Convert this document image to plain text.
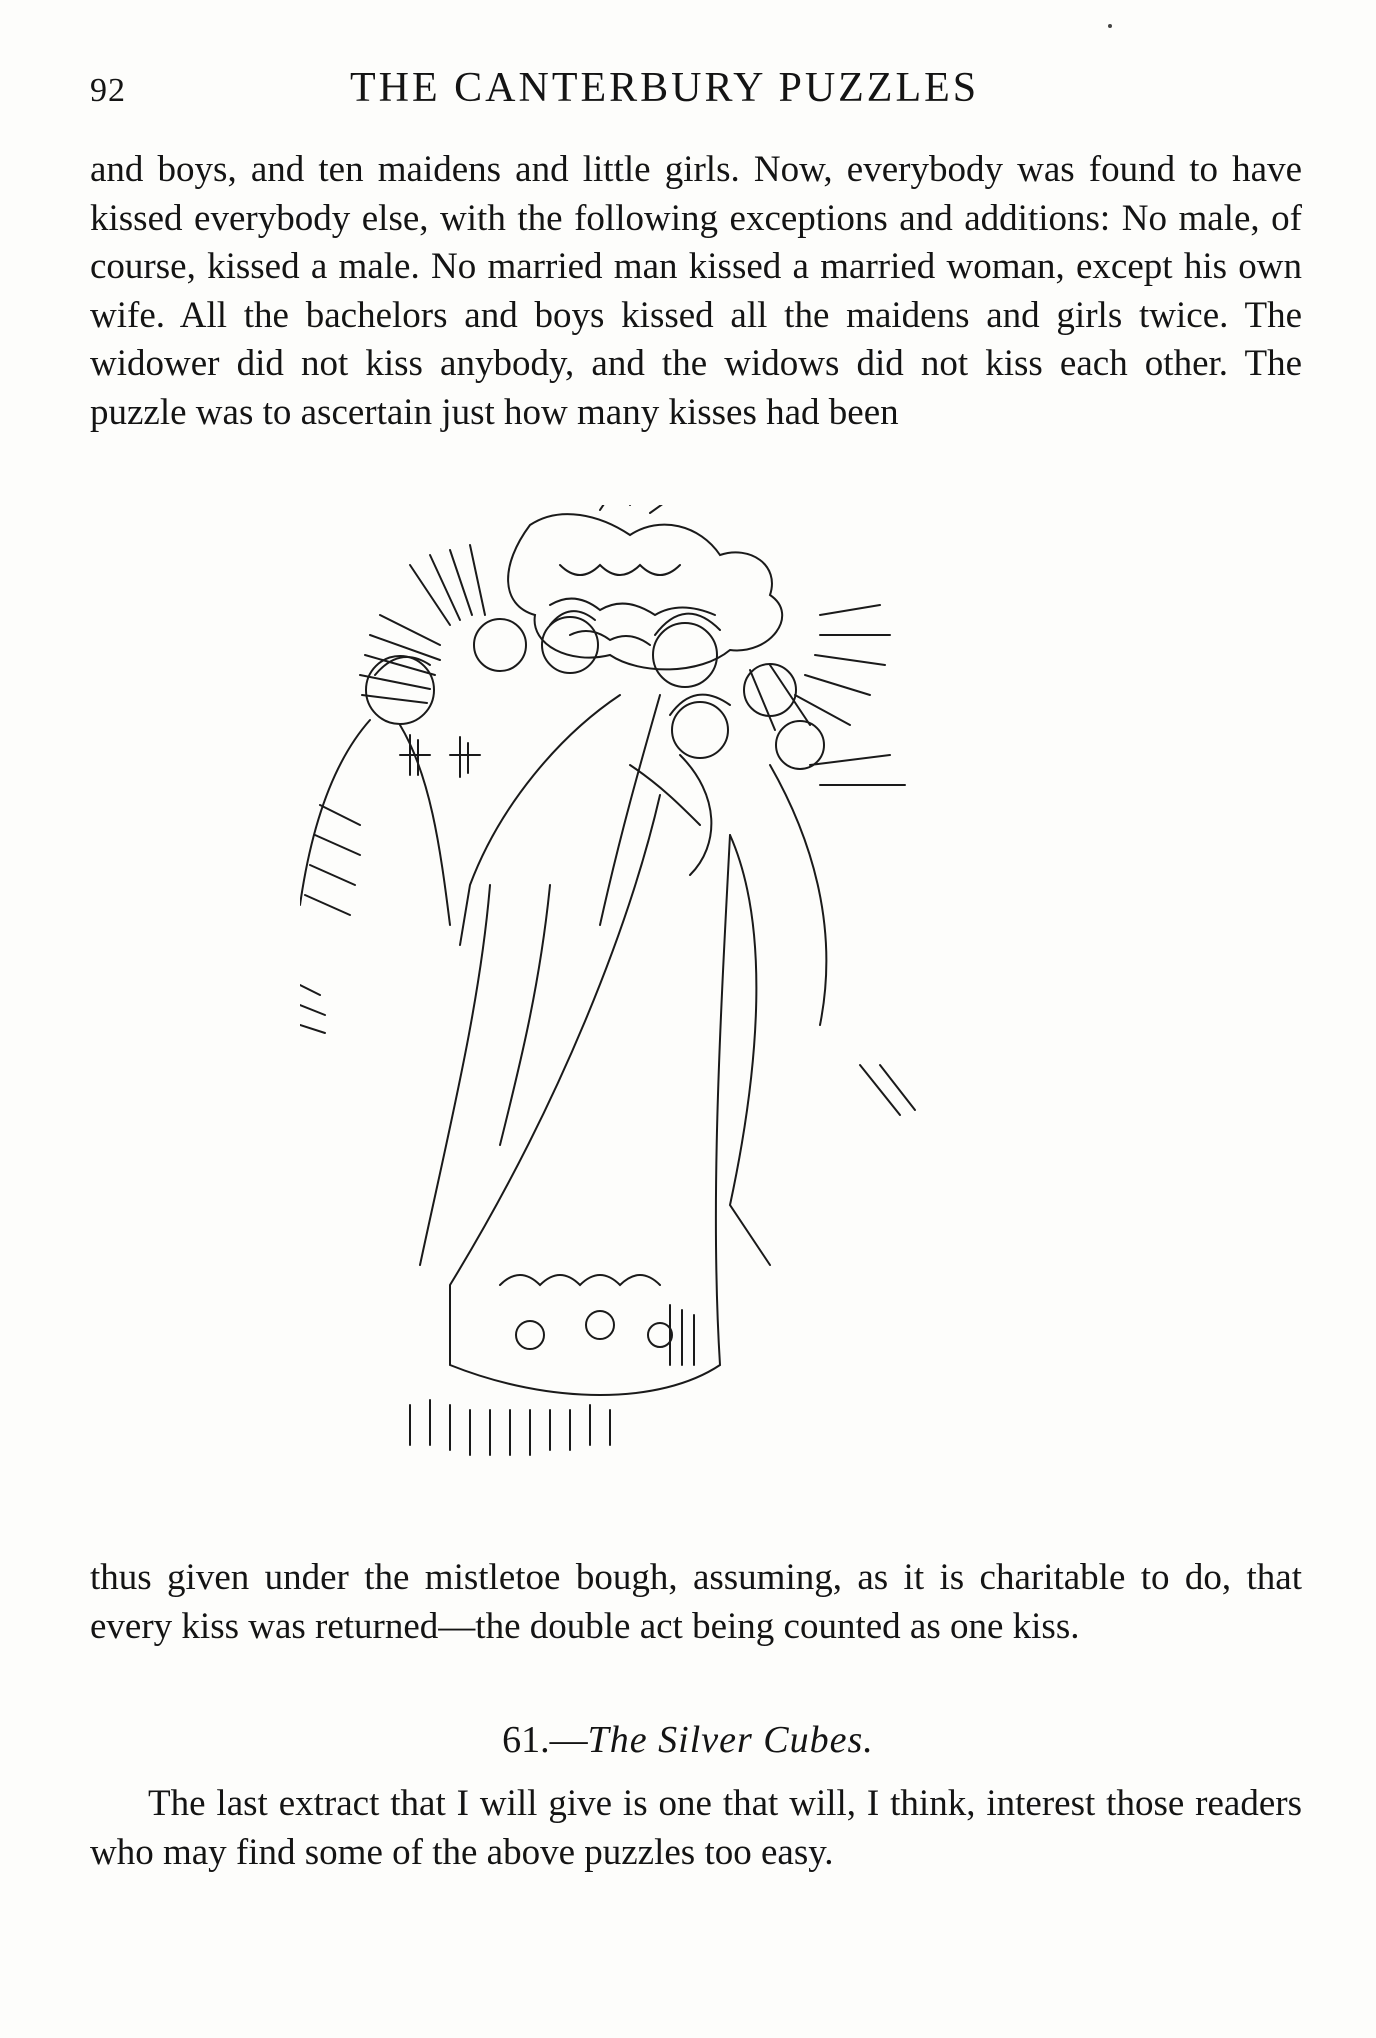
92	THE CANTERBURY PUZZLES

and boys, and ten maidens and little girls. Now, everybody was found to have kissed everybody else, with the following exceptions and additions: No male, of course, kissed a male. No married man kissed a married woman, except his own wife. All the bachelors and boys kissed all the maidens and girls twice. The widower did not kiss anybody, and the widows did not kiss each other. The puzzle was to ascertain just how many kisses had been

thus given under the mistletoe bough, assuming, as it is charitable to do, that every kiss was returned—the double act being counted as one kiss.

61.—The Silver Cubes.

The last extract that I will give is one that will, I think, interest those readers who may find some of the above puzzles too easy.
